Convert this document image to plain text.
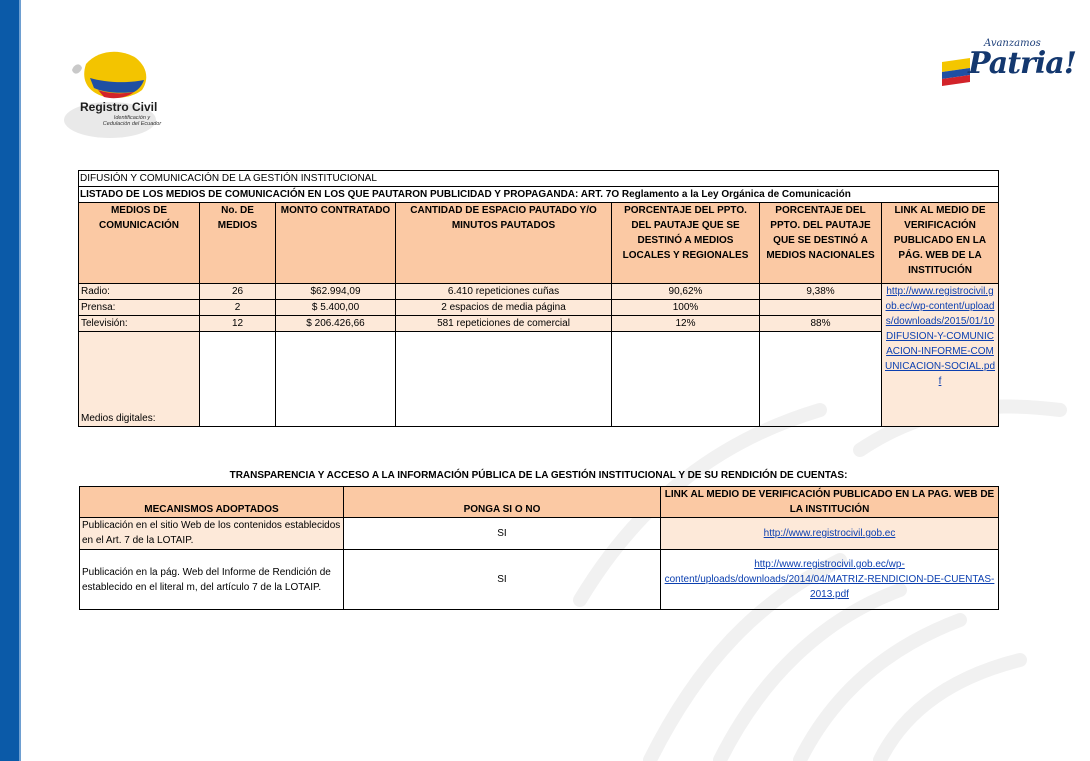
Registro Civil
Identificación y Cedulación del Ecuador
Avanzamos
Patria!
DIFUSIÓN Y COMUNICACIÓN DE LA GESTIÓN INSTITUCIONAL						
LISTADO DE LOS MEDIOS DE COMUNICACIÓN EN LOS QUE PAUTARON PUBLICIDAD Y PROPAGANDA: ART. 7O Reglamento a la Ley Orgánica de Comunicación						
MEDIOS DE COMUNICACIÓN	No. DE MEDIOS	MONTO CONTRATADO	CANTIDAD DE ESPACIO PAUTADO Y/O MINUTOS PAUTADOS	PORCENTAJE DEL PPTO. DEL PAUTAJE QUE SE DESTINÓ A MEDIOS LOCALES Y REGIONALES	PORCENTAJE DEL PPTO. DEL PAUTAJE QUE SE DESTINÓ A MEDIOS NACIONALES	LINK AL MEDIO DE VERIFICACIÓN PUBLICADO EN LA PÁG. WEB DE LA INSTITUCIÓN
Radio:	26	$62.994,09	6.410 repeticiones cuñas	90,62%	9,38%	http://www.registrocivil.gob.ec/wp-content/uploads/downloads/2015/01/10DIFUSION-Y-COMUNICACION-INFORME-COMUNICACION-SOCIAL.pdf
Prensa:	2	$ 5.400,00	2 espacios de media página	100%		
Televisión:	12	$ 206.426,66	581 repeticiones de comercial	12%	88%	
Medios digitales:						
TRANSPARENCIA Y ACCESO A LA INFORMACIÓN PÚBLICA DE LA GESTIÓN INSTITUCIONAL Y DE SU RENDICIÓN DE CUENTAS:
MECANISMOS ADOPTADOS	PONGA SI O NO	LINK AL MEDIO DE VERIFICACIÓN PUBLICADO EN LA PAG. WEB DE LA INSTITUCIÓN
Publicación en el sitio Web de los contenidos establecidos en el Art. 7 de la LOTAIP.	SI	http://www.registrocivil.gob.ec
Publicación en la pág. Web del Informe de Rendición de establecido en el literal m, del artículo 7 de la LOTAIP.	SI	http://www.registrocivil.gob.ec/wp-content/uploads/downloads/2014/04/MATRIZ-RENDICION-DE-CUENTAS-2013.pdf
